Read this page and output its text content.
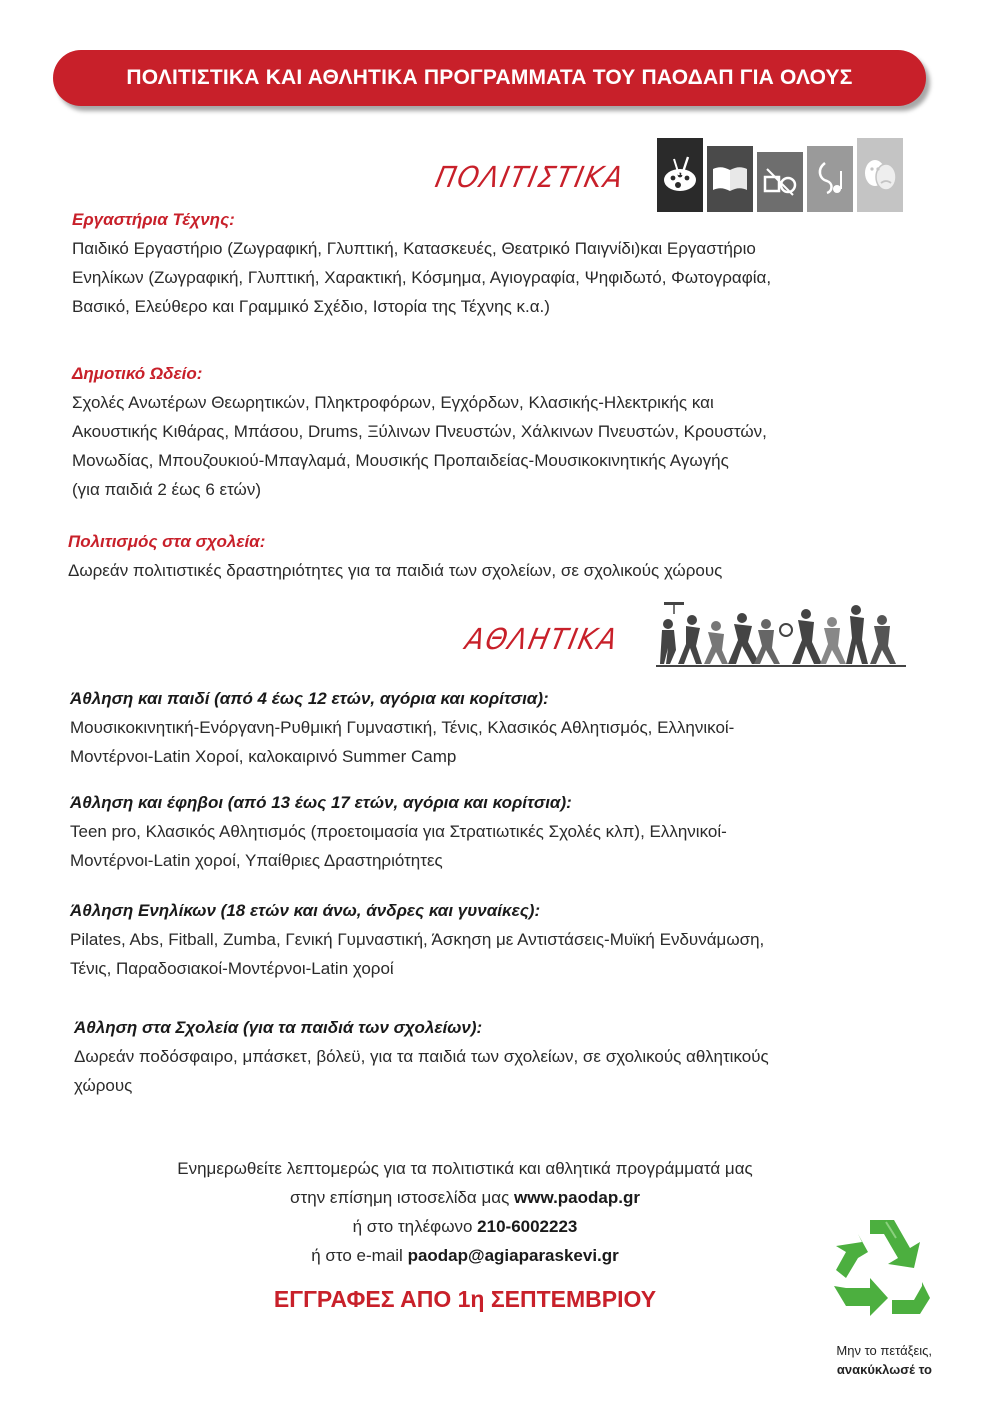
ΠΟΛΙΤΙΣΤΙΚΑ ΚΑΙ ΑΘΛΗΤΙΚΑ ΠΡΟΓΡΑΜΜΑΤΑ ΤΟΥ ΠΑΟΔΑΠ ΓΙΑ ΟΛΟΥΣ
ΠΟΛΙΤΙΣΤΙΚΑ

Εργαστήρια Τέχνης:

Παιδικό Εργαστήριο (Ζωγραφική, Γλυπτική, Κατασκευές, Θεατρικό Παιγνίδι)και Εργαστήριο

Ενηλίκων (Ζωγραφική, Γλυπτική, Χαρακτική, Κόσμημα, Αγιογραφία, Ψηφιδωτό, Φωτογραφία,

Βασικό, Ελεύθερο και Γραμμικό Σχέδιο, Ιστορία της Τέχνης κ.α.)

Δημοτικό Ωδείο:

Σχολές Ανωτέρων Θεωρητικών, Πληκτροφόρων, Εγχόρδων, Κλασικής-Ηλεκτρικής και

Ακουστικής Κιθάρας, Μπάσου, Drums, Ξύλινων Πνευστών, Χάλκινων Πνευστών, Κρουστών,

Μονωδίας, Μπουζουκιού-Μπαγλαμά, Μουσικής Προπαιδείας-Μουσικοκινητικής Αγωγής

(για παιδιά 2 έως 6 ετών)

Πολιτισμός στα σχολεία:

Δωρεάν πολιτιστικές δραστηριότητες για τα παιδιά των σχολείων, σε σχολικούς χώρους

ΑΘΛΗΤΙΚΑ

Άθληση και παιδί (από 4 έως 12 ετών, αγόρια και κορίτσια):

Μουσικοκινητική-Ενόργανη-Ρυθμική Γυμναστική, Τένις, Κλασικός Αθλητισμός, Ελληνικοί-

Μοντέρνοι-Latin Χοροί, καλοκαιρινό Summer Camp

Άθληση και έφηβοι (από 13 έως 17 ετών, αγόρια και κορίτσια):

Teen pro, Κλασικός Αθλητισμός (προετοιμασία για Στρατιωτικές Σχολές κλπ), Ελληνικοί-

Μοντέρνοι-Latin χοροί, Υπαίθριες Δραστηριότητες

Άθληση Ενηλίκων (18 ετών και άνω, άνδρες και γυναίκες):

Pilates, Abs, Fitball, Zumba, Γενική Γυμναστική, Άσκηση με Αντιστάσεις-Μυϊκή Ενδυνάμωση,

Τένις, Παραδοσιακοί-Μοντέρνοι-Latin χοροί

Άθληση στα Σχολεία (για τα παιδιά των σχολείων):

Δωρεάν ποδόσφαιρο, μπάσκετ, βόλεϋ, για τα παιδιά των σχολείων, σε σχολικούς αθλητικούς

χώρους

Ενημερωθείτε λεπτομερώς για τα πολιτιστικά και αθλητικά προγράμματά μας
στην επίσημη ιστοσελίδα μας www.paodap.gr
ή στο τηλέφωνο 210-6002223
ή στο e-mail paodap@agiaparaskevi.gr
ΕΓΓΡΑΦΕΣ ΑΠΟ 1η ΣΕΠΤΕΜΒΡΙΟΥ
Μην το πετάξεις,
ανακύκλωσέ το
